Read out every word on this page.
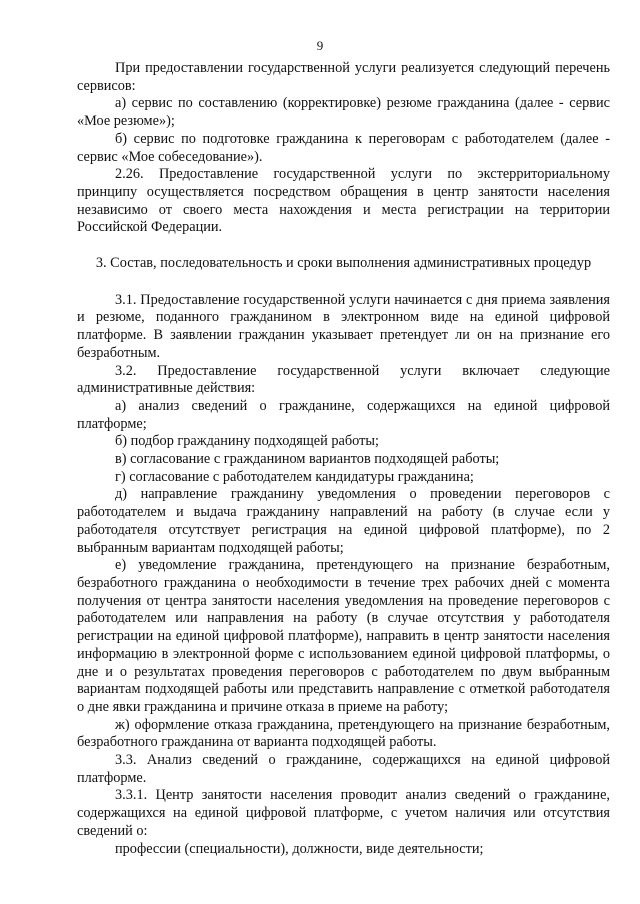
9

При предоставлении государственной услуги реализуется следующий перечень сервисов:

а) сервис по составлению (корректировке) резюме гражданина (далее - сервис «Мое резюме»);

б) сервис по подготовке гражданина к переговорам с работодателем (далее - сервис «Мое собеседование»).

2.26. Предоставление государственной услуги по экстерриториальному принципу осуществляется посредством обращения в центр занятости населения независимо от своего места нахождения и места регистрации на территории Российской Федерации.

3. Состав, последовательность и сроки выполнения административных процедур

3.1. Предоставление государственной услуги начинается с дня приема заявления и резюме, поданного гражданином в электронном виде на единой цифровой платформе. В заявлении гражданин указывает претендует ли он на признание его безработным.

3.2. Предоставление государственной услуги включает следующие административные действия:

а) анализ сведений о гражданине, содержащихся на единой цифровой платформе;

б) подбор гражданину подходящей работы;

в) согласование с гражданином вариантов подходящей работы;

г) согласование с работодателем кандидатуры гражданина;

д) направление гражданину уведомления о проведении переговоров с работодателем и выдача гражданину направлений на работу (в случае если у работодателя отсутствует регистрация на единой цифровой платформе), по 2 выбранным вариантам подходящей работы;

е) уведомление гражданина, претендующего на признание безработным, безработного гражданина о необходимости в течение трех рабочих дней с момента получения от центра занятости населения уведомления на проведение переговоров с работодателем или направления на работу (в случае отсутствия у работодателя регистрации на единой цифровой платформе), направить в центр занятости населения информацию в электронной форме с использованием единой цифровой платформы, о дне и о результатах проведения переговоров с работодателем по двум выбранным вариантам подходящей работы или представить направление с отметкой работодателя о дне явки гражданина и причине отказа в приеме на работу;

ж) оформление отказа гражданина, претендующего на признание безработным, безработного гражданина от варианта подходящей работы.

3.3. Анализ сведений о гражданине, содержащихся на единой цифровой платформе.

3.3.1. Центр занятости населения проводит анализ сведений о гражданине, содержащихся на единой цифровой платформе, с учетом наличия или отсутствия сведений о:

профессии (специальности), должности, виде деятельности;
